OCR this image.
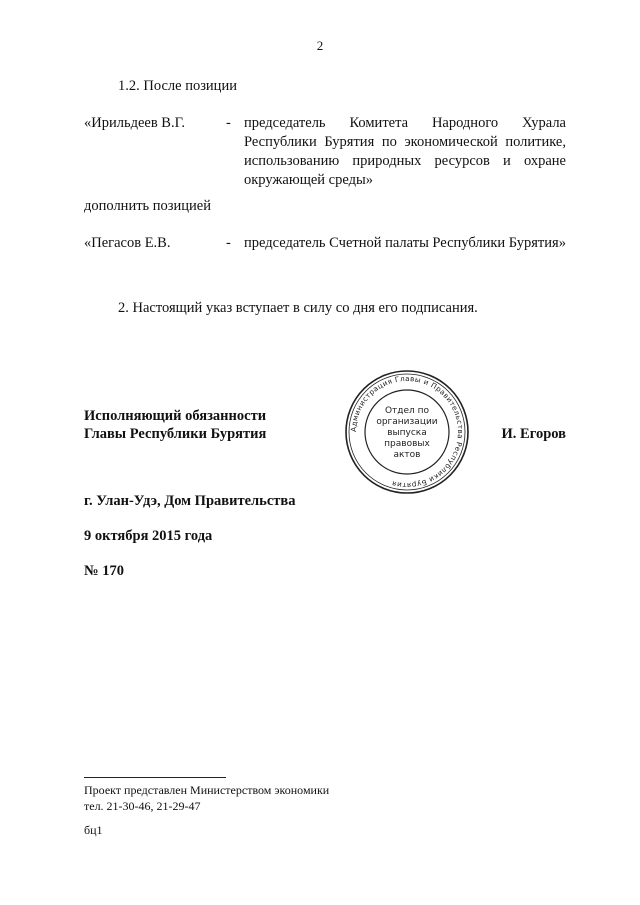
2
1.2. После позиции
«Ирильдеев В.Г.	- председатель Комитета Народного Хурала Республики Бурятия по экономической политике, использованию природных ресурсов и охране окружающей среды»
дополнить позицией
«Пегасов Е.В.	- председатель Счетной палаты Республики Бурятия»
2. Настоящий указ вступает в силу со дня его подписания.
Администрация Главы и Правительства Республики Бурятия
Отдел по
организации
выпуска
правовых
актов
Исполняющий обязанности
Главы Республики Бурятия	И. Егоров
г. Улан-Удэ, Дом Правительства
9 октября 2015 года
№ 170
Проект представлен Министерством экономики
тел. 21-30-46, 21-29-47
бц1
